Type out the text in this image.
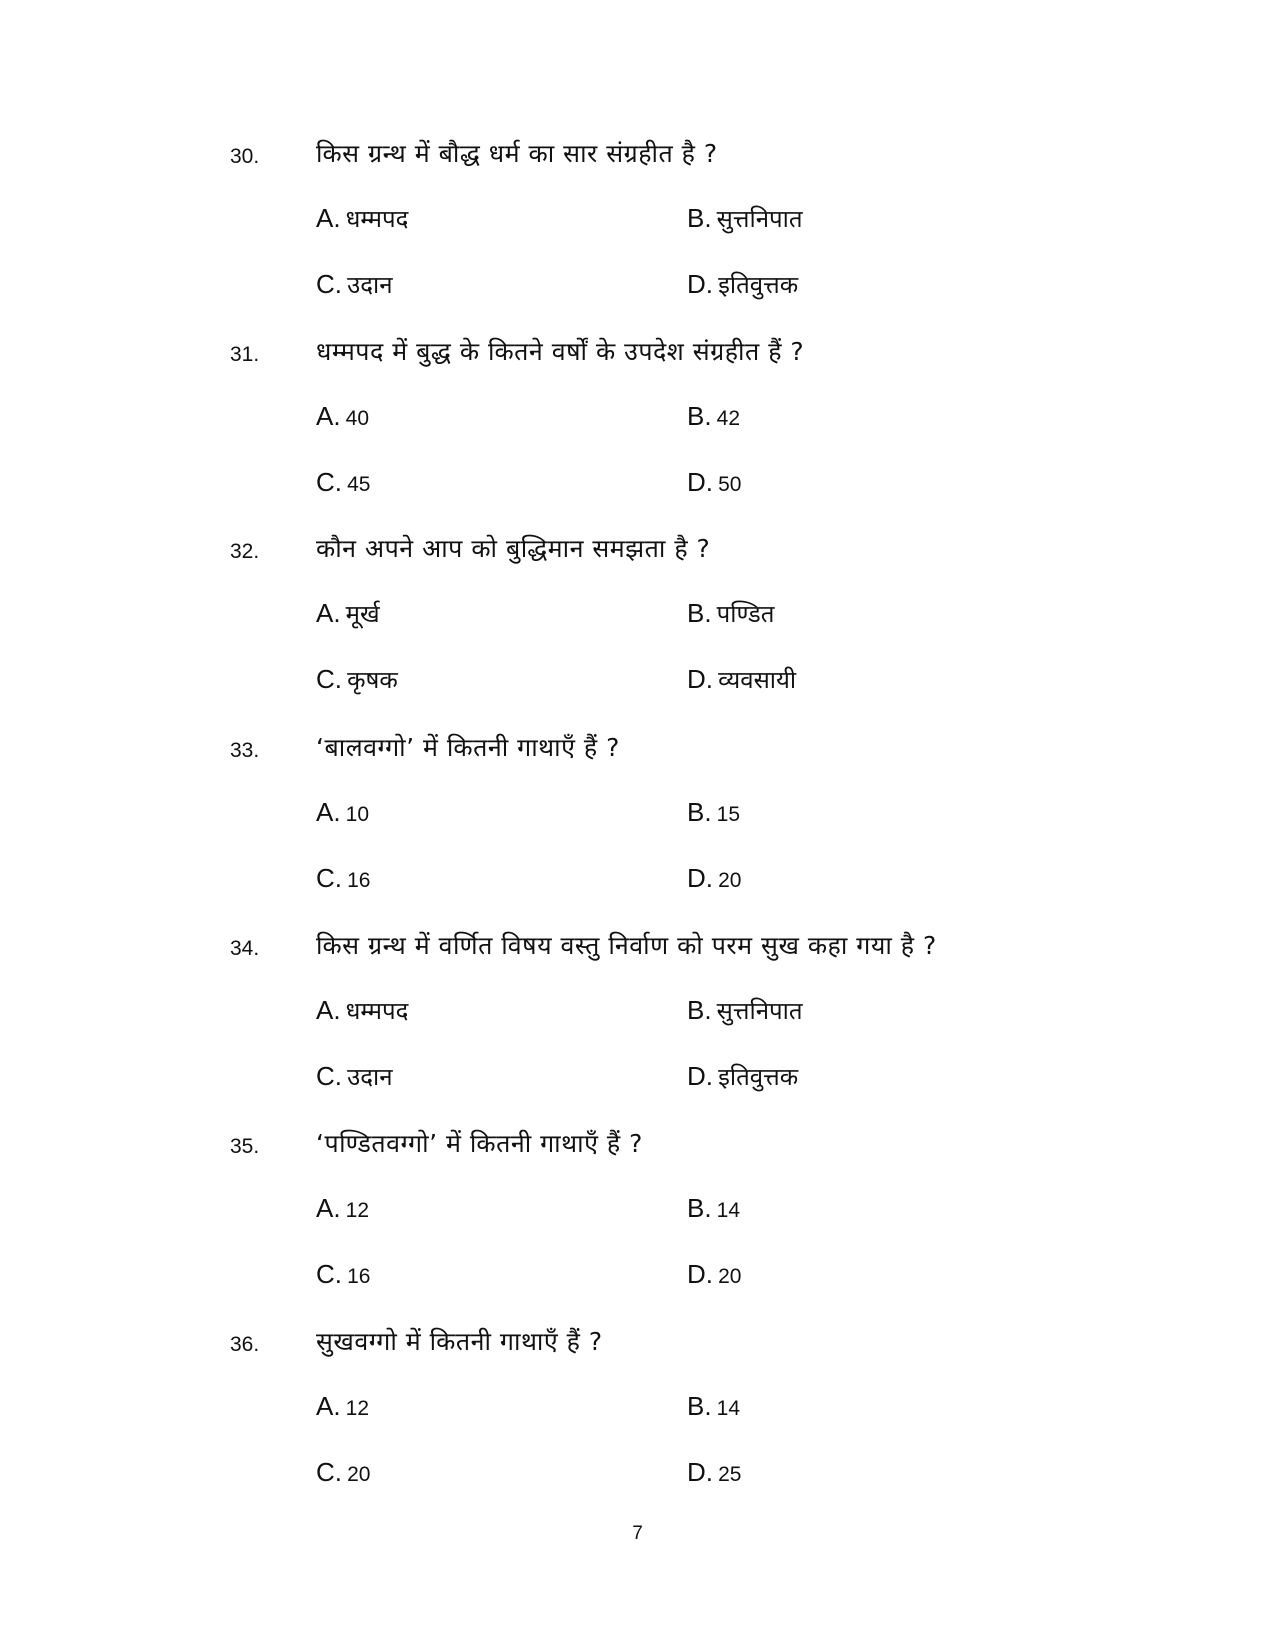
30. किस ग्रन्थ में बौद्ध धर्म का सार संग्रहीत है ?
A. धम्मपद	B. सुत्तनिपात
C. उदान	D. इतिवुत्तक
31. धम्मपद में बुद्ध के कितने वर्षों के उपदेश संग्रहीत हैं ?
A. 40	B. 42
C. 45	D. 50
32. कौन अपने आप को बुद्धिमान समझता है ?
A. मूर्ख	B. पण्डित
C. कृषक	D. व्यवसायी
33. ‘बालवग्गो’ में कितनी गाथाएँ हैं ?
A. 10	B. 15
C. 16	D. 20
34. किस ग्रन्थ में वर्णित विषय वस्तु निर्वाण को परम सुख कहा गया है ?
A. धम्मपद	B. सुत्तनिपात
C. उदान	D. इतिवुत्तक
35. ‘पण्डितवग्गो’ में कितनी गाथाएँ हैं ?
A. 12	B. 14
C. 16	D. 20
36. सुखवग्गो में कितनी गाथाएँ हैं ?
A. 12	B. 14
C. 20	D. 25
7
